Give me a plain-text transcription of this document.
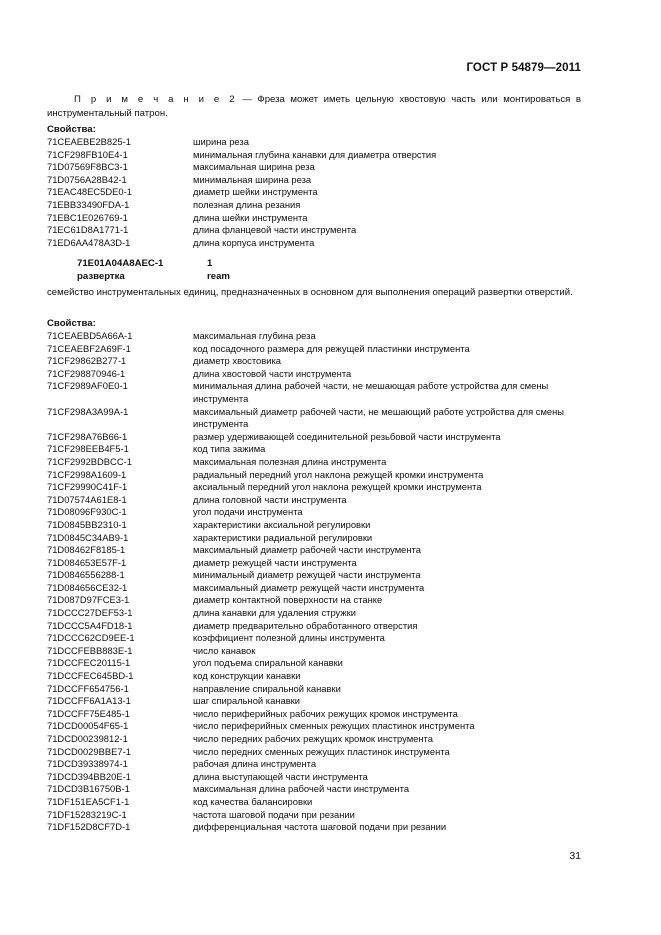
ГОСТ Р 54879—2011
П р и м е ч а н и е 2 — Фреза может иметь цельную хвостовую часть или монтироваться в инструментальный патрон.
Свойства:
71CEAEBE2B825-1	ширина реза
71CF298FB10E4-1	минимальная глубина канавки для диаметра отверстия
71D07569F8BC3-1	максимальная ширина реза
71D0756A28B42-1	минимальная ширина реза
71EAC48EC5DE0-1	диаметр шейки инструмента
71EBB33490FDA-1	полезная длина резания
71EBC1E026769-1	длина шейки инструмента
71EC61D8A1771-1	длина фланцевой части инструмента
71ED6AA478A3D-1	длина корпуса инструмента
71E01A04A8AEC-1	1
развертка	ream
семейство инструментальных единиц, предназначенных в основном для выполнения операций развертки отверстий.
Свойства:
71CEAEBD5A66A-1	максимальная глубина реза
71CEAEBF2A69F-1	код посадочного размера для режущей пластинки инструмента
71CF29862B277-1	диаметр хвостовика
71CF298870946-1	длина хвостовой части инструмента
71CF2989AF0E0-1	минимальная длина рабочей части, не мешающая работе устройства для смены инструмента
71CF298A3A99A-1	максимальный диаметр рабочей части, не мешающий работе устройства для смены инструмента
71CF298A76B66-1	размер удерживающей соединительной резьбовой части инструмента
71CF298EEB4F5-1	код типа зажима
71CF2992BDBCC-1	максимальная полезная длина инструмента
71CF2998A1609-1	радиальный передний угол наклона режущей кромки инструмента
71CF29990C41F-1	аксиальный передний угол наклона режущей кромки инструмента
71D07574A61E8-1	длина головной части инструмента
71D08096F930C-1	угол подачи инструмента
71D0845BB2310-1	характеристики аксиальной регулировки
71D0845C34AB9-1	характеристики радиальной регулировки
71D08462F8185-1	максимальный диаметр рабочей части инструмента
71D084653E57F-1	диаметр режущей части инструмента
71D0846556288-1	минимальный диаметр режущей части инструмента
71D084656CE32-1	максимальный диаметр режущей части инструмента
71D087D97FCE3-1	диаметр контактной поверхности на станке
71DCCC27DEF53-1	длина канавки для удаления стружки
71DCCC5A4FD18-1	диаметр предварительно обработанного отверстия
71DCCC62CD9EE-1	коэффициент полезной длины инструмента
71DCCFEBB883E-1	число канавок
71DCCFEC20115-1	угол подъема спиральной канавки
71DCCFEC645BD-1	код конструкции канавки
71DCCFF654756-1	направление спиральной канавки
71DCCFF6A1A13-1	шаг спиральной канавки
71DCCFF75E485-1	число периферийных рабочих режущих кромок инструмента
71DCD00054F65-1	число периферийных сменных режущих пластинок инструмента
71DCD00239812-1	число передних рабочих режущих кромок инструмента
71DCD0029BBE7-1	число передних сменных режущих пластинок инструмента
71DCD39338974-1	рабочая длина инструмента
71DCD394BB20E-1	длина выступающей части инструмента
71DCD3B16750B-1	максимальная длина рабочей части инструмента
71DF151EA5CF1-1	код качества балансировки
71DF15283219C-1	частота шаговой подачи при резании
71DF152D8CF7D-1	дифференциальная частота шаговой подачи при резании
31
